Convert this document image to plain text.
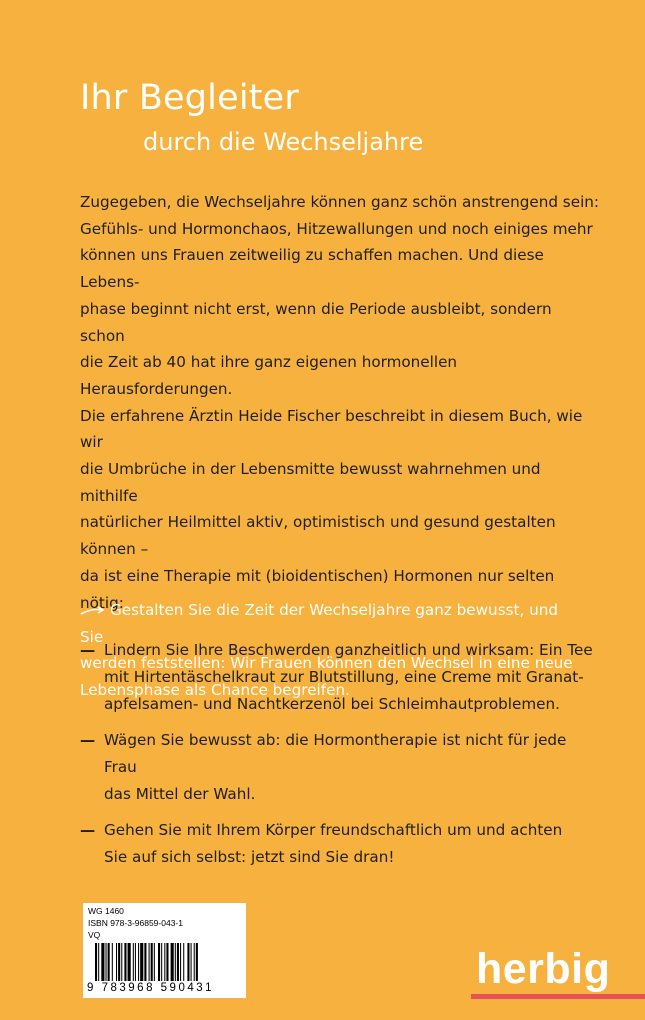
Ihr Begleiter
durch die Wechseljahre

Zugegeben, die Wechseljahre können ganz schön anstrengend sein:
Gefühls- und Hormonchaos, Hitzewallungen und noch einiges mehr
können uns Frauen zeitweilig zu schaffen machen. Und diese Lebens-
phase beginnt nicht erst, wenn die Periode ausbleibt, sondern schon
die Zeit ab 40 hat ihre ganz eigenen hormonellen Herausforderungen.
Die erfahrene Ärztin Heide Fischer beschreibt in diesem Buch, wie wir
die Umbrüche in der Lebensmitte bewusst wahrnehmen und mithilfe
natürlicher Heilmittel aktiv, optimistisch und gesund gestalten können –
da ist eine Therapie mit (bioidentischen) Hormonen nur selten nötig:

— Lindern Sie Ihre Beschwerden ganzheitlich und wirksam: Ein Tee
mit Hirtentäschelkraut zur Blutstillung, eine Creme mit Granat-
apfelsamen- und Nachtkerzenöl bei Schleimhautproblemen.
— Wägen Sie bewusst ab: die Hormontherapie ist nicht für jede Frau
das Mittel der Wahl.
— Gehen Sie mit Ihrem Körper freundschaftlich um und achten
Sie auf sich selbst: jetzt sind Sie dran!
Gestalten Sie die Zeit der Wechseljahre ganz bewusst, und Sie
werden feststellen: Wir Frauen können den Wechsel in eine neue
Lebensphase als Chance begreifen.
WG 1460
ISBN 978-3-96859-043-1
VQ
9 783968 590431	herbig
